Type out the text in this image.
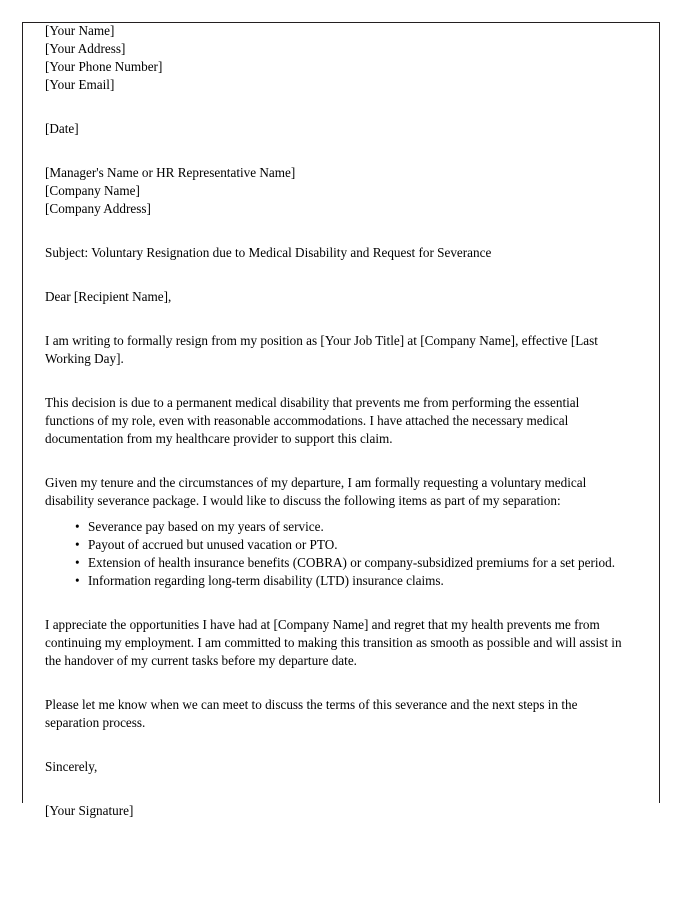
[Your Name]
[Your Address]
[Your Phone Number]
[Your Email]
[Date]
[Manager's Name or HR Representative Name]
[Company Name]
[Company Address]
Subject: Voluntary Resignation due to Medical Disability and Request for Severance
Dear [Recipient Name],
I am writing to formally resign from my position as [Your Job Title] at [Company Name], effective [Last Working Day].
This decision is due to a permanent medical disability that prevents me from performing the essential functions of my role, even with reasonable accommodations. I have attached the necessary medical documentation from my healthcare provider to support this claim.
Given my tenure and the circumstances of my departure, I am formally requesting a voluntary medical disability severance package. I would like to discuss the following items as part of my separation:
• Severance pay based on my years of service.
• Payout of accrued but unused vacation or PTO.
• Extension of health insurance benefits (COBRA) or company-subsidized premiums for a set period.
• Information regarding long-term disability (LTD) insurance claims.
I appreciate the opportunities I have had at [Company Name] and regret that my health prevents me from continuing my employment. I am committed to making this transition as smooth as possible and will assist in the handover of my current tasks before my departure date.
Please let me know when we can meet to discuss the terms of this severance and the next steps in the separation process.
Sincerely,
[Your Signature]
